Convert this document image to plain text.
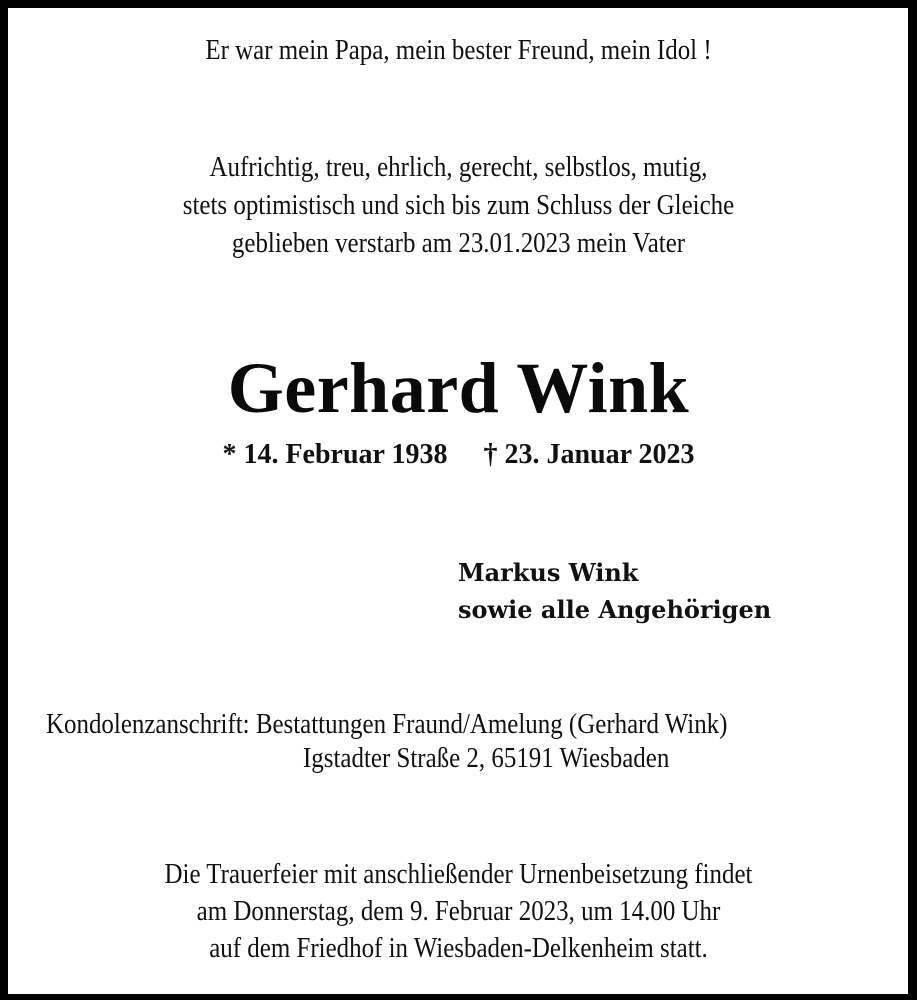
Er war mein Papa, mein bester Freund, mein Idol !
Aufrichtig, treu, ehrlich, gerecht, selbstlos, mutig,
stets optimistisch und sich bis zum Schluss der Gleiche
geblieben verstarb am 23.01.2023 mein Vater
Gerhard Wink
* 14. Februar 1938 † 23. Januar 2023
Markus Wink
sowie alle Angehörigen
Kondolenzanschrift: Bestattungen Fraund/Amelung (Gerhard Wink)
Igstadter Straße 2, 65191 Wiesbaden
Die Trauerfeier mit anschließender Urnenbeisetzung findet
am Donnerstag, dem 9. Februar 2023, um 14.00 Uhr
auf dem Friedhof in Wiesbaden-Delkenheim statt.
